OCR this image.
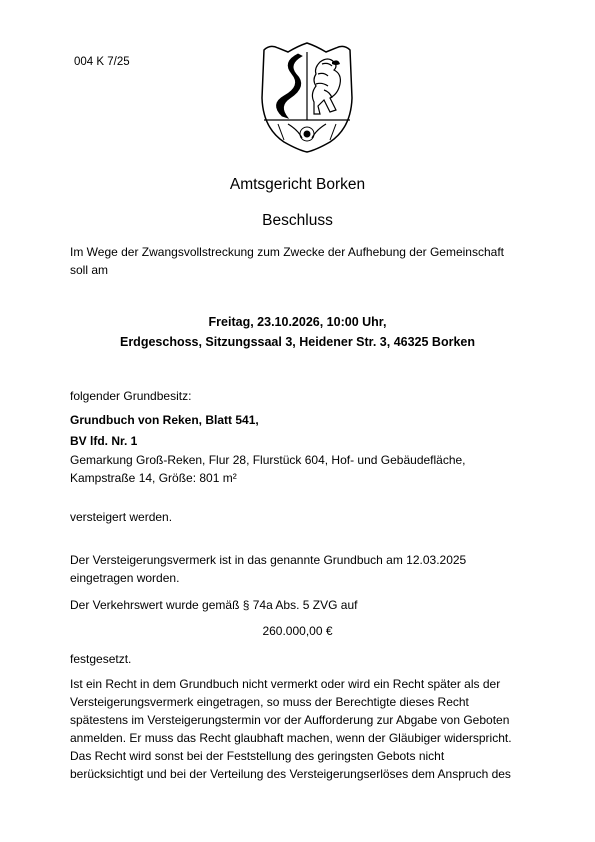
004 K 7/25
Amtsgericht Borken
Beschluss
Im Wege der Zwangsvollstreckung zum Zwecke der Aufhebung der Gemeinschaft
soll am
Freitag, 23.10.2026, 10:00 Uhr,
Erdgeschoss, Sitzungssaal 3, Heidener Str. 3, 46325 Borken
folgender Grundbesitz:
Grundbuch von Reken, Blatt 541,
BV lfd. Nr. 1
Gemarkung Groß-Reken, Flur 28, Flurstück 604, Hof- und Gebäudefläche,
Kampstraße 14, Größe: 801 m²
versteigert werden.
Der Versteigerungsvermerk ist in das genannte Grundbuch am 12.03.2025
eingetragen worden.
Der Verkehrswert wurde gemäß § 74a Abs. 5 ZVG auf
260.000,00 €
festgesetzt.
Ist ein Recht in dem Grundbuch nicht vermerkt oder wird ein Recht später als der
Versteigerungsvermerk eingetragen, so muss der Berechtigte dieses Recht
spätestens im Versteigerungstermin vor der Aufforderung zur Abgabe von Geboten
anmelden. Er muss das Recht glaubhaft machen, wenn der Gläubiger widerspricht.
Das Recht wird sonst bei der Feststellung des geringsten Gebots nicht
berücksichtigt und bei der Verteilung des Versteigerungserlöses dem Anspruch des
